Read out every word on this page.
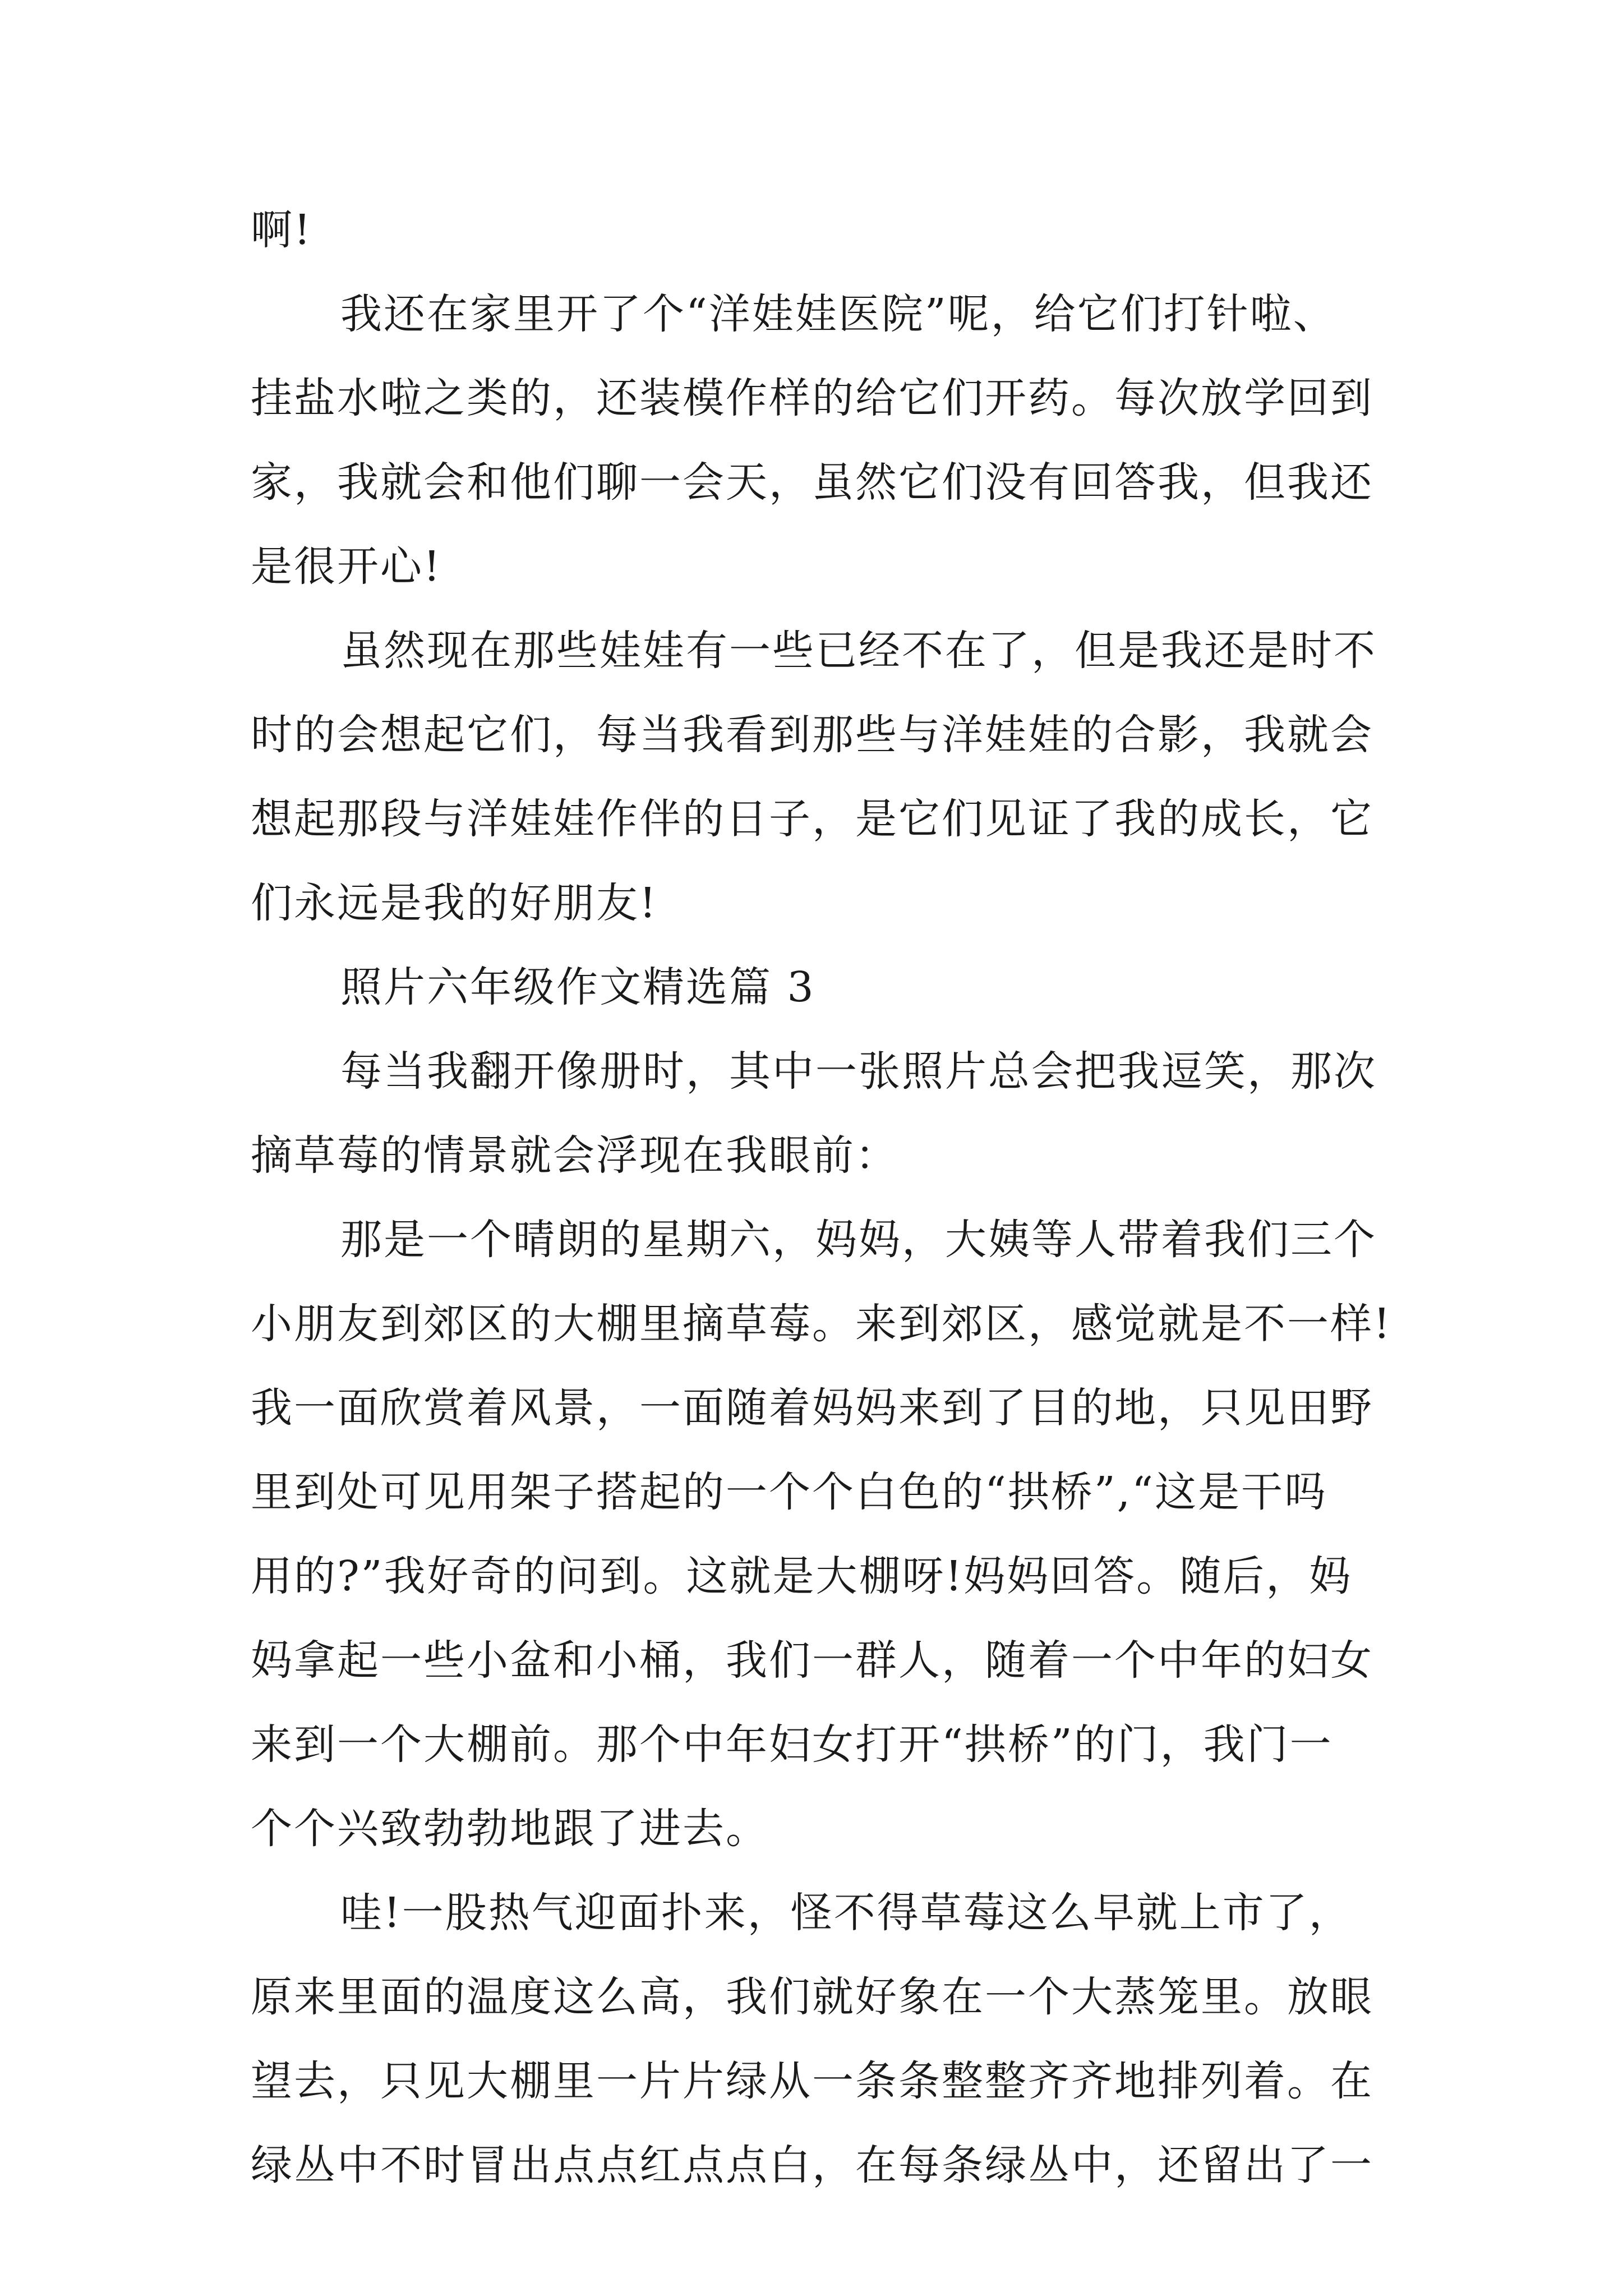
啊!
我还在家里开了个“洋娃娃医院”呢，给它们打针啦、
挂盐水啦之类的，还装模作样的给它们开药。每次放学回到
家，我就会和他们聊一会天，虽然它们没有回答我，但我还
是很开心!
虽然现在那些娃娃有一些已经不在了，但是我还是时不
时的会想起它们，每当我看到那些与洋娃娃的合影，我就会
想起那段与洋娃娃作伴的日子，是它们见证了我的成长，它
们永远是我的好朋友!
照片六年级作文精选篇 3
每当我翻开像册时，其中一张照片总会把我逗笑，那次
摘草莓的情景就会浮现在我眼前：
那是一个晴朗的星期六，妈妈，大姨等人带着我们三个
小朋友到郊区的大棚里摘草莓。来到郊区，感觉就是不一样!
我一面欣赏着风景，一面随着妈妈来到了目的地，只见田野
里到处可见用架子搭起的一个个白色的“拱桥”,“这是干吗
用的?”我好奇的问到。这就是大棚呀!妈妈回答。随后，妈
妈拿起一些小盆和小桶，我们一群人，随着一个中年的妇女
来到一个大棚前。那个中年妇女打开“拱桥”的门，我门一
个个兴致勃勃地跟了进去。
哇!一股热气迎面扑来，怪不得草莓这么早就上市了，
原来里面的温度这么高，我们就好象在一个大蒸笼里。放眼
望去，只见大棚里一片片绿从一条条整整齐齐地排列着。在
绿丛中不时冒出点点红点点白，在每条绿丛中，还留出了一
